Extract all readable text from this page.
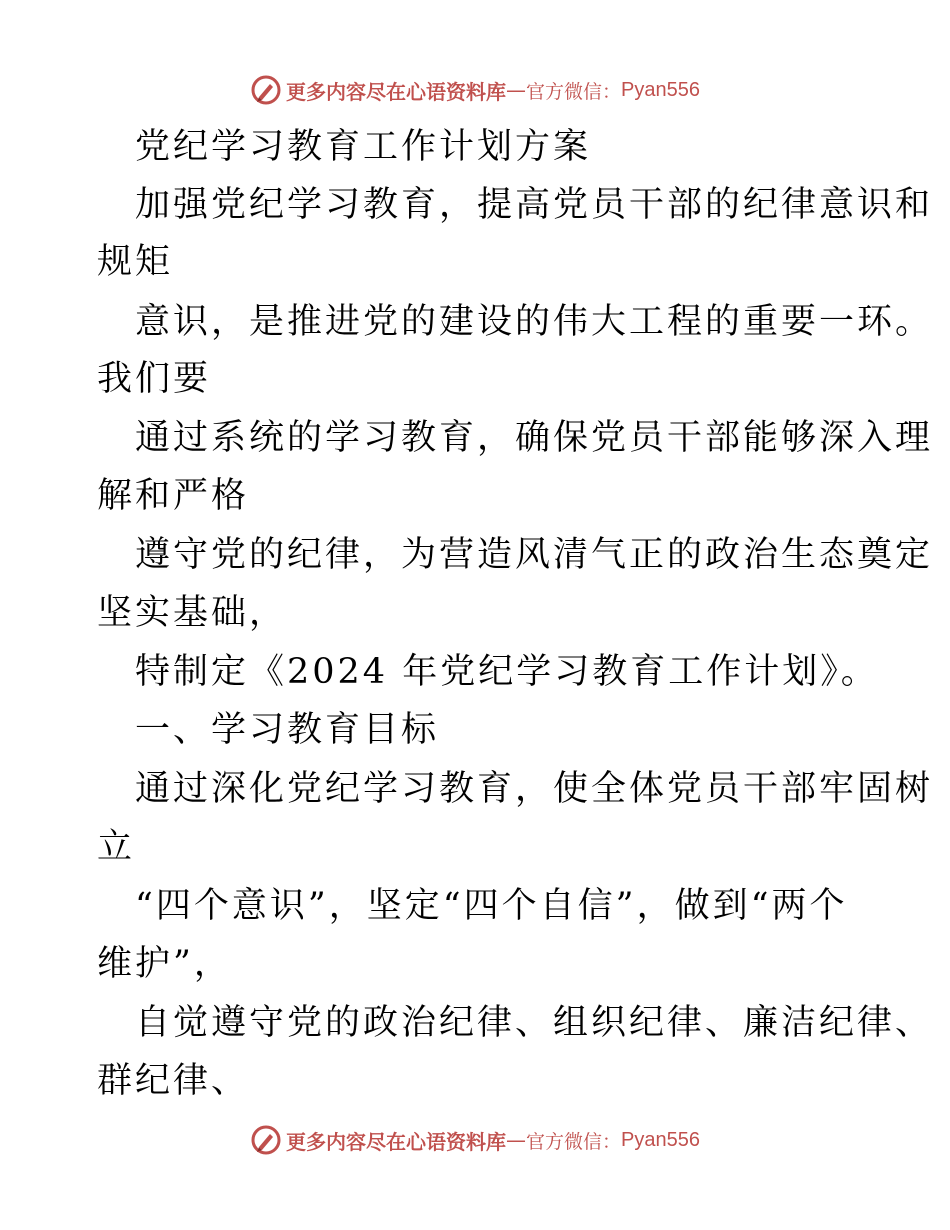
更多内容尽在心语资料库 — 官方微信： Pyan556
党纪学习教育工作计划方案
加强党纪学习教育，提高党员干部的纪律意识和
规矩
意识，是推进党的建设的伟大工程的重要一环。
我们要
通过系统的学习教育，确保党员干部能够深入理
解和严格
遵守党的纪律，为营造风清气正的政治生态奠定
坚实基础，
特制定《2024 年党纪学习教育工作计划》。
一、学习教育目标
通过深化党纪学习教育，使全体党员干部牢固树
立
“四个意识”，坚定“四个自信”，做到“两个
维护”，
自觉遵守党的政治纪律、组织纪律、廉洁纪律、
群纪律、
更多内容尽在心语资料库 — 官方微信： Pyan556
